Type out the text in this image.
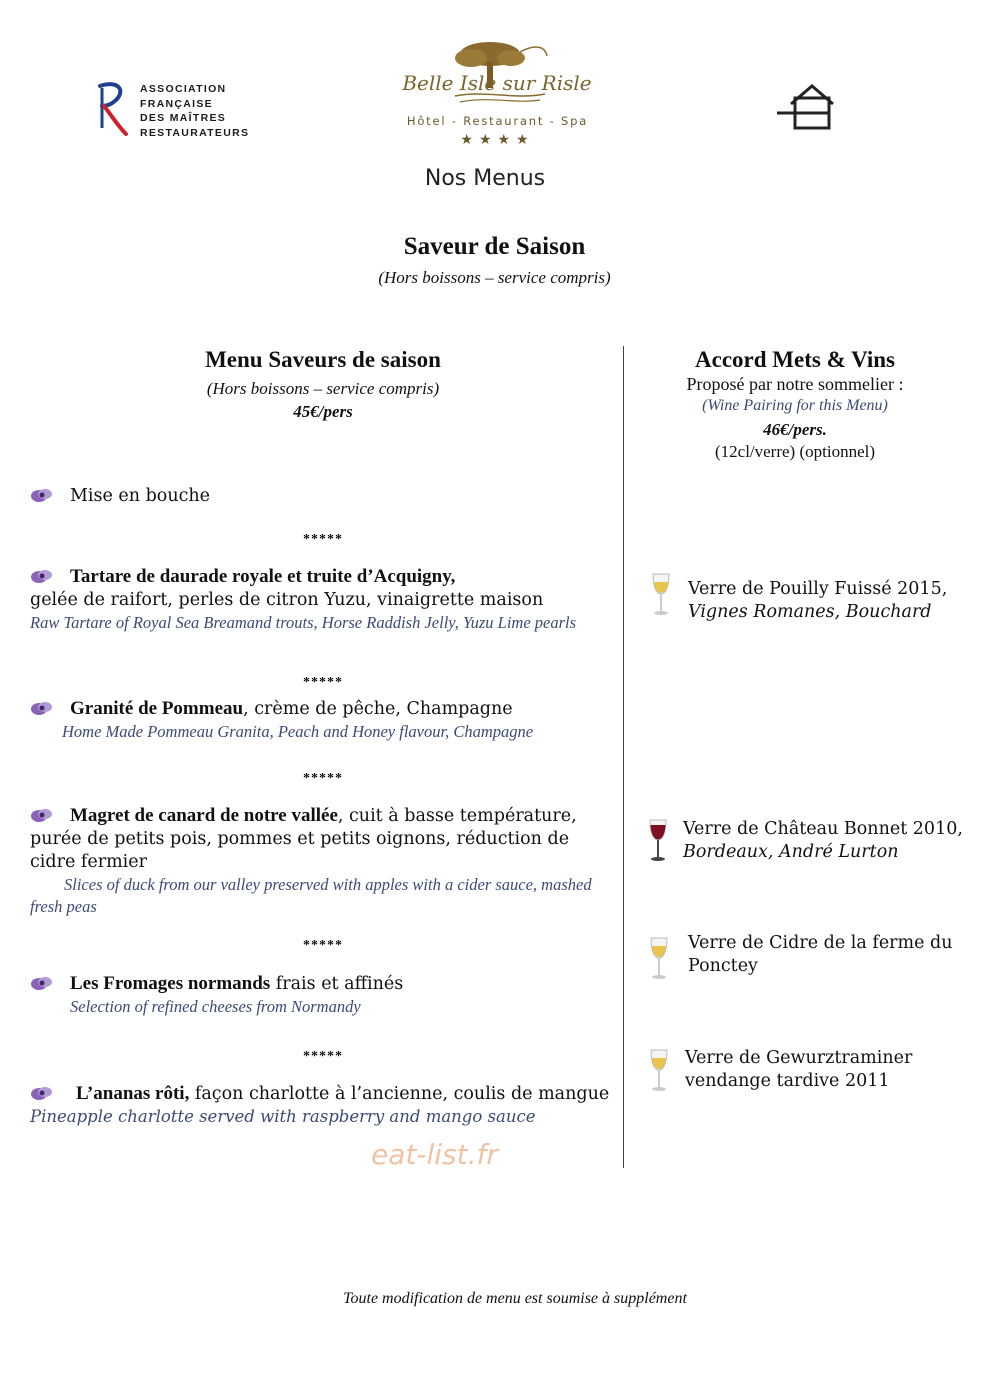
ASSOCIATION
FRANÇAISE
DES MAÎTRES
RESTAURATEURS
Belle Isle sur Risle
Hôtel - Restaurant - Spa
★★★★
Nos Menus
Saveur de Saison
(Hors boissons – service compris)
Menu Saveurs de saison
(Hors boissons – service compris)
45€/pers
Accord Mets & Vins
Proposé par notre sommelier :
(Wine Pairing for this Menu)
46€/pers.
(12cl/verre) (optionnel)
Mise en bouche
*****
Tartare de daurade royale et truite d’Acquigny,
gelée de raifort, perles de citron Yuzu, vinaigrette maison
Raw Tartare of Royal Sea Breamand trouts, Horse Raddish Jelly, Yuzu Lime pearls
*****
Granité de Pommeau, crème de pêche, Champagne
Home Made Pommeau Granita, Peach and Honey flavour, Champagne
*****
Magret de canard de notre vallée, cuit à basse température, purée de petits pois, pommes et petits oignons, réduction de cidre fermier
Slices of duck from our valley preserved with apples with a cider sauce, mashed fresh peas
*****
Les Fromages normands frais et affinés
Selection of refined cheeses from Normandy
*****
L’ananas rôti, façon charlotte à l’ancienne, coulis de mangue
Pineapple charlotte served with raspberry and mango sauce
Verre de Pouilly Fuissé 2015,
Vignes Romanes, Bouchard
Verre de Château Bonnet 2010,
Bordeaux, André Lurton
Verre de Cidre de la ferme du
Ponctey
Verre de Gewurztraminer
vendange tardive 2011
eat-list.fr
Toute modification de menu est soumise à supplément
